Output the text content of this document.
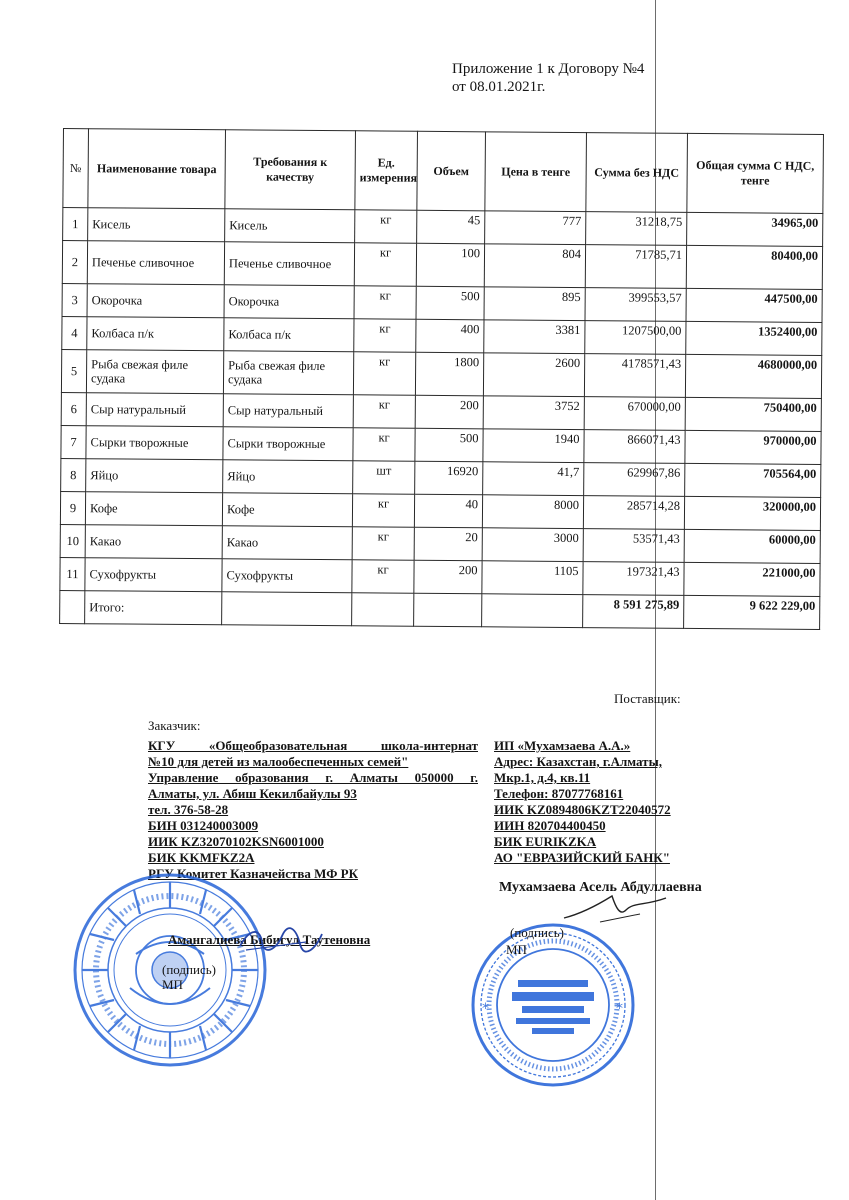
Приложение 1 к Договору №4
от 08.01.2021г.
№	Наименование товара	Требования к качеству	Ед. измерения	Объем	Цена в тенге	Сумма без НДС	Общая сумма С НДС, тенге
1	Кисель	Кисель	кг	45	777	31218,75	34965,00
2	Печенье сливочное	Печенье сливочное	кг	100	804	71785,71	80400,00
3	Окорочка	Окорочка	кг	500	895	399553,57	447500,00
4	Колбаса п/к	Колбаса п/к	кг	400	3381	1207500,00	1352400,00
5	Рыба свежая филе судака	Рыба свежая филе судака	кг	1800	2600	4178571,43	4680000,00
6	Сыр натуральный	Сыр натуральный	кг	200	3752	670000,00	750400,00
7	Сырки творожные	Сырки творожные	кг	500	1940	866071,43	970000,00
8	Яйцо	Яйцо	шт	16920	41,7	629967,86	705564,00
9	Кофе	Кофе	кг	40	8000	285714,28	320000,00
10	Какао	Какао	кг	20	3000	53571,43	60000,00
11	Сухофрукты	Сухофрукты	кг	200	1105	197321,43	221000,00
	Итого:					8 591 275,89	9 622 229,00
Поставщик:
Заказчик:
КГУ «Общеобразовательная школа-интернат
№10 для детей из малообеспеченных семей"
Управление образования г. Алматы 050000 г.
Алматы, ул. Абиш Кекилбайулы 93
тел. 376-58-28
БИН 031240003009
ИИК KZ32070102KSN6001000
БИК KKMFKZ2A
РГУ Комитет Казначейства МФ РК
ИП «Мухамзаева А.А.»
Адрес: Казахстан, г.Алматы,
Мкр.1, д.4, кв.11
Телефон: 87077768161
ИИК KZ0894806KZT22040572
ИИН 820704400450
БИК EURIKZKA
АО "ЕВРАЗИЙСКИЙ БАНК"
Амангалиева Бибигул Таутеновна
(подпись)
МП
*	*
Мухамзаева Асель Абдуллаевна
(подпись)
МП
